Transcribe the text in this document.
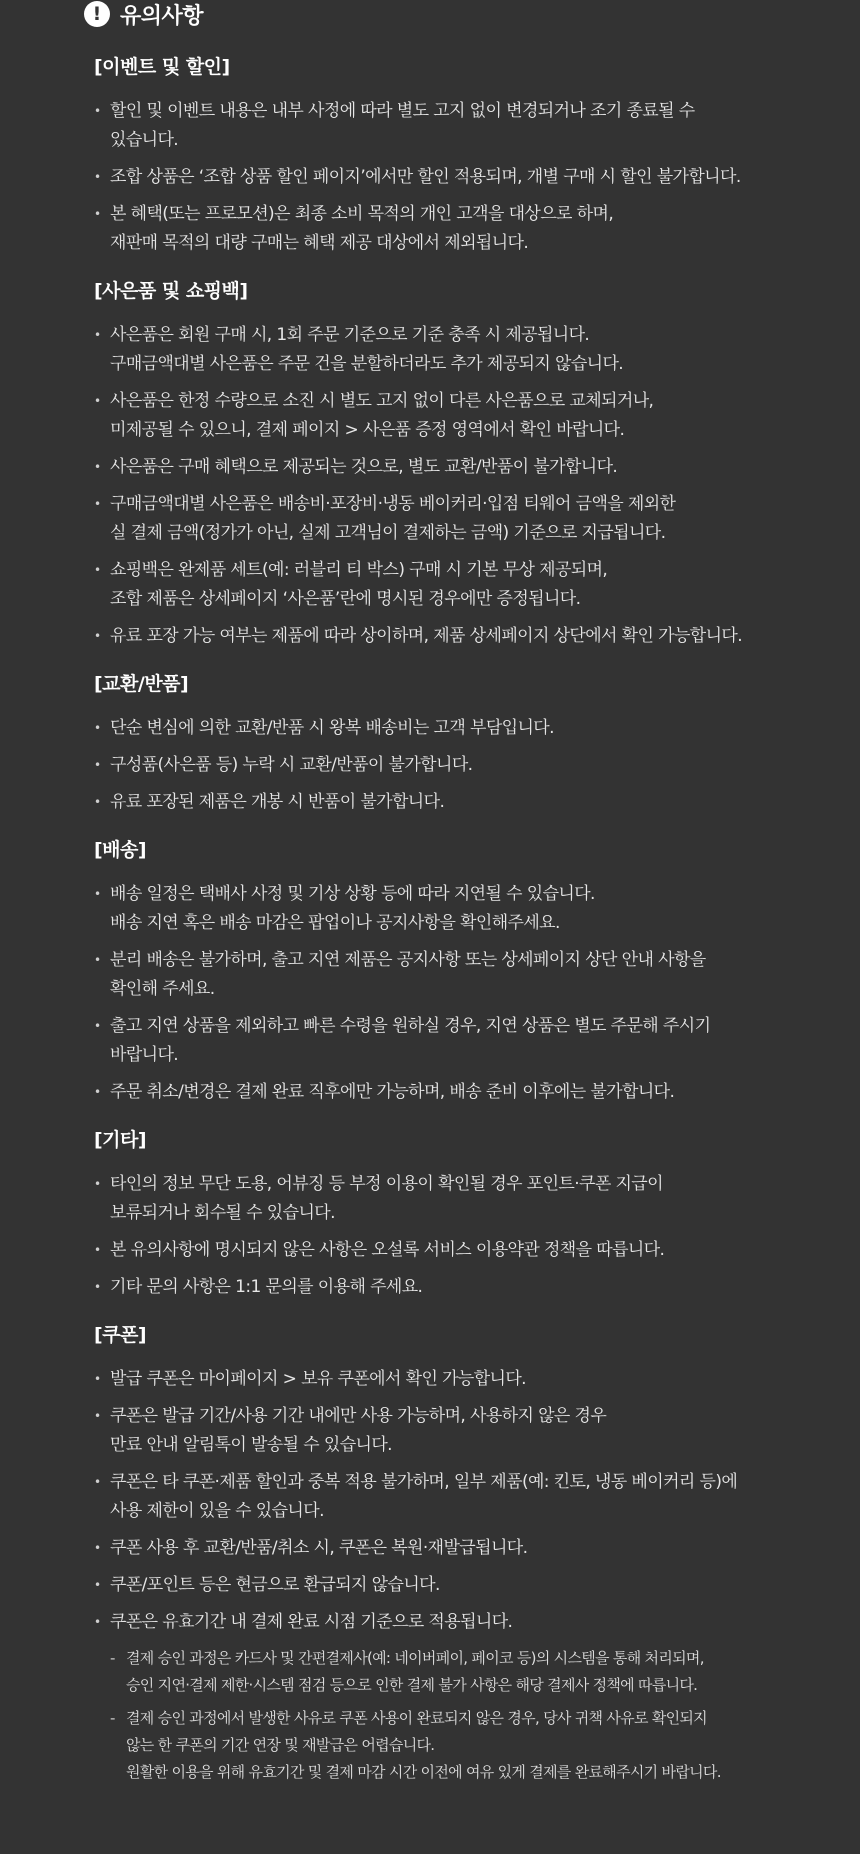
! 유의사항
[이벤트 및 할인]
• 할인 및 이벤트 내용은 내부 사정에 따라 별도 고지 없이 변경되거나 조기 종료될 수
있습니다.
• 조합 상품은 ‘조합 상품 할인 페이지’에서만 할인 적용되며, 개별 구매 시 할인 불가합니다.
• 본 혜택(또는 프로모션)은 최종 소비 목적의 개인 고객을 대상으로 하며,
재판매 목적의 대량 구매는 혜택 제공 대상에서 제외됩니다.
[사은품 및 쇼핑백]
• 사은품은 회원 구매 시, 1회 주문 기준으로 기준 충족 시 제공됩니다.
구매금액대별 사은품은 주문 건을 분할하더라도 추가 제공되지 않습니다.
• 사은품은 한정 수량으로 소진 시 별도 고지 없이 다른 사은품으로 교체되거나,
미제공될 수 있으니, 결제 페이지 > 사은품 증정 영역에서 확인 바랍니다.
• 사은품은 구매 혜택으로 제공되는 것으로, 별도 교환/반품이 불가합니다.
• 구매금액대별 사은품은 배송비·포장비·냉동 베이커리·입점 티웨어 금액을 제외한
실 결제 금액(정가가 아닌, 실제 고객님이 결제하는 금액) 기준으로 지급됩니다.
• 쇼핑백은 완제품 세트(예: 러블리 티 박스) 구매 시 기본 무상 제공되며,
조합 제품은 상세페이지 ‘사은품’란에 명시된 경우에만 증정됩니다.
• 유료 포장 가능 여부는 제품에 따라 상이하며, 제품 상세페이지 상단에서 확인 가능합니다.
[교환/반품]
• 단순 변심에 의한 교환/반품 시 왕복 배송비는 고객 부담입니다.
• 구성품(사은품 등) 누락 시 교환/반품이 불가합니다.
• 유료 포장된 제품은 개봉 시 반품이 불가합니다.
[배송]
• 배송 일정은 택배사 사정 및 기상 상황 등에 따라 지연될 수 있습니다.
배송 지연 혹은 배송 마감은 팝업이나 공지사항을 확인해주세요.
• 분리 배송은 불가하며, 출고 지연 제품은 공지사항 또는 상세페이지 상단 안내 사항을
확인해 주세요.
• 출고 지연 상품을 제외하고 빠른 수령을 원하실 경우, 지연 상품은 별도 주문해 주시기
바랍니다.
• 주문 취소/변경은 결제 완료 직후에만 가능하며, 배송 준비 이후에는 불가합니다.
[기타]
• 타인의 정보 무단 도용, 어뷰징 등 부정 이용이 확인될 경우 포인트·쿠폰 지급이
보류되거나 회수될 수 있습니다.
• 본 유의사항에 명시되지 않은 사항은 오설록 서비스 이용약관 정책을 따릅니다.
• 기타 문의 사항은 1:1 문의를 이용해 주세요.
[쿠폰]
• 발급 쿠폰은 마이페이지 > 보유 쿠폰에서 확인 가능합니다.
• 쿠폰은 발급 기간/사용 기간 내에만 사용 가능하며, 사용하지 않은 경우
만료 안내 알림톡이 발송될 수 있습니다.
• 쿠폰은 타 쿠폰·제품 할인과 중복 적용 불가하며, 일부 제품(예: 킨토, 냉동 베이커리 등)에
사용 제한이 있을 수 있습니다.
• 쿠폰 사용 후 교환/반품/취소 시, 쿠폰은 복원·재발급됩니다.
• 쿠폰/포인트 등은 현금으로 환급되지 않습니다.
• 쿠폰은 유효기간 내 결제 완료 시점 기준으로 적용됩니다.
- 결제 승인 과정은 카드사 및 간편결제사(예: 네이버페이, 페이코 등)의 시스템을 통해 처리되며,
승인 지연·결제 제한·시스템 점검 등으로 인한 결제 불가 사항은 해당 결제사 정책에 따릅니다.
- 결제 승인 과정에서 발생한 사유로 쿠폰 사용이 완료되지 않은 경우, 당사 귀책 사유로 확인되지
않는 한 쿠폰의 기간 연장 및 재발급은 어렵습니다.
원활한 이용을 위해 유효기간 및 결제 마감 시간 이전에 여유 있게 결제를 완료해주시기 바랍니다.
